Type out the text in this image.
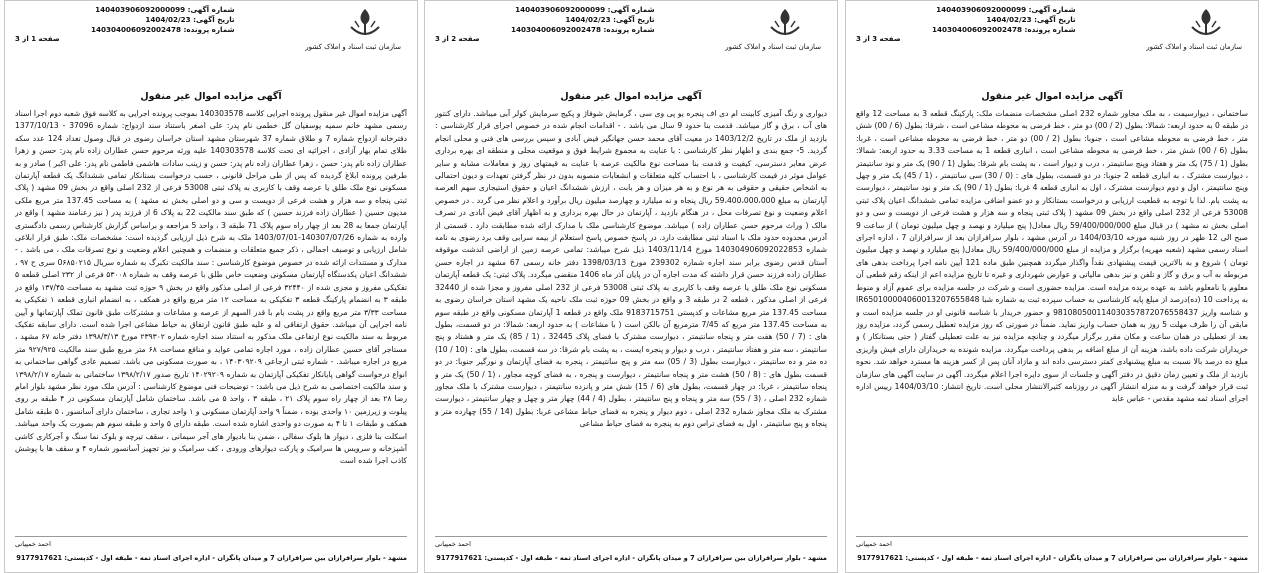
سازمان ثبت اسناد و املاک کشور
شماره آگهی: 140403906092000099
تاریخ آگهی: 1404/02/23
شماره پرونده: 140304006092002478
صفحه 3 از 3
آگهی مزایده اموال غیر منقول
ساختمانی ، دیوارسیمت ، به ملک مجاور شماره 232 اصلی مشخصات منضمات ملک: پارکینگ قطعه 3 به مساحت 12 واقع در طبقه 0 به حدود اربعه: شمالا: بطول (2 / 00) دو متر ، خط فرضی به محوطه مشاعی است ، شرقا: بطول (6 / 00) شش متر ، خط فرضی به محوطه مشاعی است ، جنوبا: بطول (2 / 00) دو متر ، خط فرضی به محوطه مشاعی است ، غربا: بطول (6 / 00) شش متر ، خط فرضی به محوطه مشاعی است ، انباری قطعه 1 به مساحت 3.33 به حدود اربعه: شمالا: بطول (1 / 75) یک متر و هفتاد وپنج سانتیمتر ، درب و دیوار است ، به پشت بام شرقا: بطول (1 / 90) یک متر و نود سانتیمتر ، دیوارست مشترک ، به انباری قطعه 2 جنوبا: در دو قسمت، بطول های : (0 / 30) سی سانتیمتر ، (1 / 45) یک متر و چهل وپنج سانتیمتر ، اول و دوم دیوارست مشترک ، اول به انباری قطعه 4 غربا: بطول (1 / 90) یک متر و نود سانتیمتر ، دیوارست به پشت بام. لذا با توجه به قطعیت ارزیابی و درخواست بستانکار و دو عضو اضافی مزایده تمامی ششدانگ اعیان پلاک ثبتی 53008 فرعی از 232 اصلی واقع در بخش 09 مشهد ( پلاک ثبتی پنجاه و سه هزار و هشت فرعی از دویست و سی و دو اصلی بخش نه مشهد ) در قبال مبلغ 59/400/000/000 ریال معادل( پنج میلیارد و نهصد و چهل میلیون تومان ) از ساعت 9 صبح الی 12 ظهر در روز شنبه مورخه 1404/03/10 در آدرس مشهد ، بلوار سرافرازان بعد از سرافرازان 7 ، اداره اجرای اسناد رسمی مشهد (شعبه مهریه) برگزار و مزایده از مبلغ 59/400/000/000 ریال معادل( پنج میلیارد و نهصد و چهل میلیون تومان ) شروع و به بالاترین قیمت پیشنهادی نقداً واگذار میگردد همچنین طبق ماده 121 آیین نامه اجرا پرداخت بدهی های مربوطه به آب و برق و گاز و تلفن و نیز بدهی مالیاتی و عوارض شهرداری و غیره تا تاریخ مزایده اعم از اینکه رقم قطعی آن معلوم یا نامعلوم باشد به عهده برنده مزایده است. مزایده حضوری است و شرکت در جلسه مزایده برای عموم آزاد و منوط به پرداخت 10 (ده)درصد از مبلغ پایه کارشناسی به حساب سپرده ثبت به شماره شبا IR650100004060013207655848 و شناسه واریز 981080500114030357872076558437 و حضور خریدار با شناسه قانونی او در جلسه مزایده است و مابقی آن را ظرف مهلت 5 روز به همان حساب واریز نماید. ضمناً در صورتی که روز مزایده تعطیل رسمی گردد، مزایده روز بعد از تعطیلی در همان ساعت و مکان مقرر برگزار میگردد و چنانچه مزایده نیز به علت تعطیلی گفتار ( حتی بستانکار ) و خریداران شرکت داده باشد، هزینه آن از مبلغ اضافه بر بدهی پرداخت میگردد. مزایده شونده به خریداران دارای فیش واریزی مبلغ ده درصد بالا نسبت به مبلغ پیشنهادی کمتر دسترسی داده اند و مازاد آنان پس از کسر هزینه ها مسترد خواهد شد. نحوه بازدید از ملک و تعیین زمان دقیق در دفتر آگهی و جلسات از سوی دایره اجرا اعلام میگردد. آگهی در سایت آگهی های سازمان ثبت قرار خواهد گرفت و به منزله انتشار آگهی در روزنامه کثیرالانتشار محلی است. تاریخ انتشار: 1404/03/10 رییس اداره اجرای اسناد ثمه مشهد مقدس - عباس عابد
احمد خمپیانی
مشهد - بلوار سرافرازان بین سرافرازان 7 و میدان پانگزان - اداره اجرای اسناد ثمه - طبقه اول - کدپستی: 9177917621
سازمان ثبت اسناد و املاک کشور
شماره آگهی: 140403906092000099
تاریخ آگهی: 1404/02/23
شماره پرونده: 140304006092002478
صفحه 2 از 3
آگهی مزایده اموال غیر منقول
دیواری و رنگ آمیزی کابینت ام دی اف پنجره یو پی وی سی ، گرمایش شوفاژ و پکیج سرمایش کولر آبی میباشد. دارای کنتور های آب ، برق و گاز میباشد. قدمت بنا حدود 9 سال می باشد . - اقدامات انجام شده در خصوص اجرای قرار کارشناسی : بازدید از ملک در تاریخ 1403/12/2 در معیت آقای محمد حسن جهانگیر فیض آبادی و سیس بررسی های فنی و محلی انجام گردید. 5- جمع بندی و اظهار نظر کارشناسی : با عنایت به مجموع شرایط فوق و موقعیت محلی و منطقه ای بهره برداری عرض معابر دسترسی، کیفیت و قدمت بنا مساحت نوع مالکیت عرصه با عنایت به قیمتهای روز و معاملات مشابه و سایر عوامل موثر در قیمت کارشناسی ، با احتساب کلیه متعلقات و انشعابات منصوبه بدون در نظر گرفتن تعهدات و دیون احتمالی به اشخاص حقیقی و حقوقی به هر نوع و به هر میزان و هر بابت ، ارزش ششدانگ اعیان و حقوق استیجاری سهم العرصه آپارتمان به مبلغ 59،400،000،000 ریال پنجاه و نه میلیارد و چهارصد میلیون ریال برآورد و اعلام نظر می گردد . در خصوص اعلام وضعیت و نوع تصرفات محل ، در هنگام بازدید ، آپارتمان در حال بهره برداری و به اظهار آقای فیض آبادی در تصرف مالک ( وراث مرحوم حسن عطاران زاده ) میباشد. موضوع کارشناسی ملک با مدارک ارائه شده مطابقت دارد . قسمتی از آدرس محدوده حدود ملک با اسناد ثبتی مطابقت دارد. در پاسخ خصوص پاسخ استعلام از بیمه سرابی وقف برد رضوی به نامه شماره 140304906092022853 مورخ 1403/11/14 ذیل شرح میباشد: تمامی عرصه زمین از اراضی اندشت موقوفه آستان قدس رضوی برابر سند اجاره شماره 239302 مورخ 1398/03/13 دفتر خانه رسمی 67 مشهد در اجاره حسن عطاران زاده فرزند حسن قرار داشته که مدت اجاره آن در پایان آذر ماه 1406 منقضی میگردد. پلاک ثبتی: یک قطعه آپارتمان مسکونی نوع ملک طلق یا عرصه وقف با کاربری به پلاک ثبتی 53008 فرعی از 232 اصلی مفروز و مجزا شده از 32440 فرعی از اصلی مذکور ، قطعه 2 در طبقه 3 و واقع در بخش 09 حوزه ثبت ملک ناحیه یک مشهد استان خراسان رضوی به مساحت 137.45 متر مربع مشاعات و کدپستی 9183715751 ملک واقع در قطعه 1 آپارتمان مسکونی واقع در طبقه سوم به مساحت 137.45 متر مربع که 7/45 مترمربع آن بالکن است ( با مشاعات ) به حدود اربعه: شمالا: در دو قسمت، بطول های : (7 / 50) هفت متر و پنجاه سانتیمتر ، دیوارست مشترک با فضای پلاک 32445 ، (1 / 85) یک متر و هشتاد و پنج سانتیمتر ، سه متر و هفتاد سانتیمتر ، درب و دیوار و پنجره ایست ، به پشت بام شرقا: در سه قسمت، بطول های : (10 / 10) ده متر و ده سانتیمتر ، دیوارست بطول (3 / 05) سه متر و پنج سانتیمتر ، پنجره به فضای آپارتمان و نورگیر جنوبا: در دو قسمت بطول های : (8 / 50) هشت متر و پنجاه سانتیمتر ، دیوارست و پنجره ، به فضای کوچه مجاور ، (1 / 50) یک متر و پنجاه سانتیمتر ، غربا: در چهار قسمت، بطول های (6 / 15) شش متر و پانزده سانتیمتر ، دیوارست مشترک با ملک مجاور شماره 232 اصلی ، (3 / 55) سه متر و پنجاه و پنج سانتیمتر ، بطول (4 / 44) چهار متر و چهل و چهار سانتیمتر ، دیوارست مشترک به ملک مجاور شماره 232 اصلی ، دوم دیوار و پنجره به فضای حیاط مشاعی غربا: بطول (14 / 55) چهارده متر و پنجاه و پنج سانتیمتر ، اول به فضای تراس دوم به پنجره به فضای حیاط مشاعی
احمد خمپیانی
مشهد - بلوار سرافرازان بین سرافرازان 7 و میدان پانگزان - اداره اجرای اسناد ثمه - طبقه اول - کدپستی: 9177917621
سازمان ثبت اسناد و املاک کشور
شماره آگهی: 140403906092000099
تاریخ آگهی: 1404/02/23
شماره پرونده: 140304006092002478
صفحه 1 از 3
آگهی مزایده اموال غیر منقول
آگهی مزایده اموال غیر منقول پرونده اجرایی کلاسه 140303578 بموجب پرونده اجرایی به کلاسه فوق شعبه دوم اجرا اسناد رسمی مشهد خانم سمیه یوسفیان گل خطمی نام پدر: علی اصغر باستناد سند ازدواج: شماره 37096 - 1377/10/13 دفترخانه ازدواج شماره 7 و طلاق شماره 37 شهرستان مشهد استان خراسان رضوی در قبال وصول تعداد 124 عدد سکه طلای تمام بهار آزادی ، اجرائیه ای تحت کلاسه 140303578 علیه ورثه مرحوم حسن عطاران زاده نام پدر: حسن و زهرا عطاران زاده نام پدر: حسن ، زهرا عطاران زاده نام پدر: حسن و زینب سادات هاشمی فاطمی نام پدر: علی اکبر ) صادر و به طرفین پرونده ابلاغ گردیده که پس از طی مراحل قانونی ، حسب درخواست بستانکار تمامی ششدانگ یک قطعه آپارتمان مسکونی نوع ملک طلق یا عرصه وقف با کاربری به پلاک ثبتی 53008 فرعی از 232 اصلی واقع در بخش 09 مشهد ( پلاک ثبتی پنجاه و سه هزار و هشت فرعی از دویست و سی و دو اصلی بخش نه مشهد ) به مساحت 137.45 متر مربع ملکی مدیون حسین ( عطاران زاده فرزند حسین ) که طبق سند مالکیت 22 به پلاک 6 از فرزند پدر ( نیز رعنامند مشهد ) واقع در آپارتمان جمعا به 28 بعد از چهار راه سوم پلاک 71 طبقه 3 ، واحد 5 مراجعه و براساس گزارش کارشناس رسمی دادگستری وارده به شماره 140307/07/26-1403/07/01 ملک به شرح ذیل ارزیابی گردیده است: مشخصات ملک: طبق قرار ابلاغی شامل ارزیابی و توصیف اجمالی ، ذکر جمیع متعلقات و منضمات و همچنین اعلام وضعیت و نوع تصرفات ملک ، می باشد . - مدارک و مستندات ارائه شده در خصوص موضوع کارشناسی : سند مالکیت تکبرگ به شماره سریال 0۶۸۵۰۲۱۵ سری ح ۹۷ ، ششدانگ اعیان یکدستگاه آپارتمان مسکونی وضعیت خاص طلق با عرصه وقف به شماره ۵۳۰۰۸ فرعی از ۲۳۲ اصلی قطعه ۵ تفکیکی مفروز و مجزی شده از ۳۲۴۴۰ فرعی از اصلی مذکور واقع در بخش ۹ حوزه ثبت مشهد به مساحت ۱۳۷/۴۵ واقع در طبقه ۳ به انضمام پارکینگ قطعه ۳ تفکیکی به مساحت ۱۲ متر مربع واقع در همکف ، به انضمام انباری قطعه ۱ تفکیکی به مساحت ۳/۳۳ متر مربع واقع در پشت بام با قدر السهم از عرصه و مشاعات و مشترکات طبق قانون تملک آپارتمانها و آیین نامه اجرایی آن میباشد. حقوق ارتفاقی له و علیه طبق قانون ارتفاق به حیاط مشاعی اجرا شده است. دارای سابقه تفکیک مربوط به سند مالکیت نوع ارتفاعی ملک مذکور به استناد سند اجاره شماره ۲۳۹۳۰۲ مورخ ۱۳۹۸/۳/۱۳ دفتر خانه ۶۷ مشهد ، مستاجر آقای حسین عطاران زاده ، مورد اجاره تمامی عواید و منافع مساحت ۶۸ متر مربع طبق سند مالکیت ۹۲۷/۹۲۵ متر مربع در اجاره میباشد. - شماره ثبتی ارجاعی ۱۴۰۳۰۹۲۰۹ ، به صورت مسکونی می باشد. تصمیم عادی گواهی ساختمانی به انواع درخواست گواهی پایانکار تفکیکی آپارتمان به شماره ۱۴۰۲۹۲۰۹ تاریخ صدور ۱۳۹۸/۲/۱۷ ساختمانی به شماره ۱۳۹۸/۲/۱۷ و سند مالکیت اختصاصی به شرح ذیل می باشد: - توضیحات فنی موضوع کارشناسی : آدرس ملک مورد نظر مشهد بلوار امام رضا ۲۸ بعد از چهار راه سوم پلاک ۲۱ ، طبقه ۳ ، واحد ۵ می باشد. ساختمان شامل آپارتمان مسکونی در ۴ طبقه بر روی پیلوت و زیرزمین ۱۰ واحدی بوده ، ضمناً ۹ واحد آپارتمان مسکونی و ۱ واحد تجاری ، ساختمان دارای آسانسور ، ۵ طبقه شامل همکف و طبقات ۱ تا ۴ به صورت دو واحدی اشاره شده است. طبقه دارای ۵ واحد و طبقه سوم هم بصورت یک واحد میباشد. اسکلت بنا فلزی ، دیوار ها بلوک سفالی ، ضمن بنا بادیوار های آجر سیمانی ، سقف تیرچه و بلوک نما سنگ و آجرکاری کاشی آشپزخانه و سرویس ها سرامیک و پارکت دیوارهای ورودی ، کف سرامیک و نیز تجهیز آسانسور شماره ۴ و سقف ها با پوشش کاذب اجرا شده است
احمد خمپیانی
مشهد - بلوار سرافرازان بین سرافرازان 7 و میدان پانگزان - اداره اجرای اسناد ثمه - طبقه اول - کدپستی: 9177917621
